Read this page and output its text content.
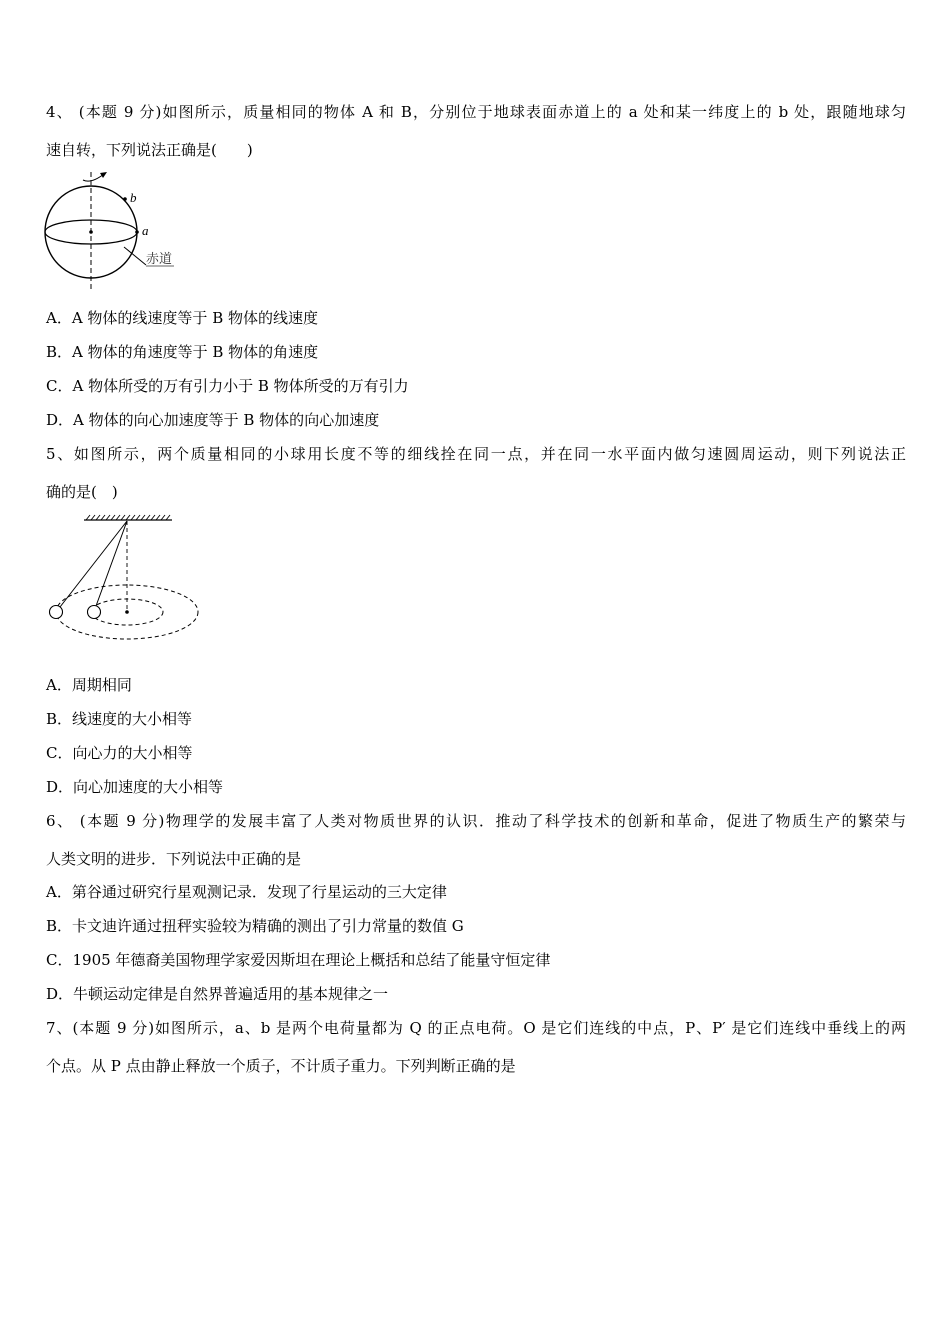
4、 (本题 9 分)如图所示，质量相同的物体 A 和 B，分别位于地球表面赤道上的 a 处和某一纬度上的 b 处，跟随地球匀
速自转，下列说法正确是(　　)
b
a
赤道
A．A 物体的线速度等于 B 物体的线速度
B．A 物体的角速度等于 B 物体的角速度
C．A 物体所受的万有引力小于 B 物体所受的万有引力
D．A 物体的向心加速度等于 B 物体的向心加速度
5、如图所示，两个质量相同的小球用长度不等的细线拴在同一点，并在同一水平面内做匀速圆周运动，则下列说法正
确的是(　)
A．周期相同
B．线速度的大小相等
C．向心力的大小相等
D．向心加速度的大小相等
6、 (本题 9 分)物理学的发展丰富了人类对物质世界的认识．推动了科学技术的创新和革命，促进了物质生产的繁荣与
人类文明的进步．下列说法中正确的是
A．第谷通过研究行星观测记录．发现了行星运动的三大定律
B．卡文迪许通过扭秤实验较为精确的测出了引力常量的数值 G
C．1905 年德裔美国物理学家爱因斯坦在理论上概括和总结了能量守恒定律
D．牛顿运动定律是自然界普遍适用的基本规律之一
7、(本题 9 分)如图所示，a、b 是两个电荷量都为 Q 的正点电荷。O 是它们连线的中点，P、P′ 是它们连线中垂线上的两
个点。从 P 点由静止释放一个质子，不计质子重力。下列判断正确的是
